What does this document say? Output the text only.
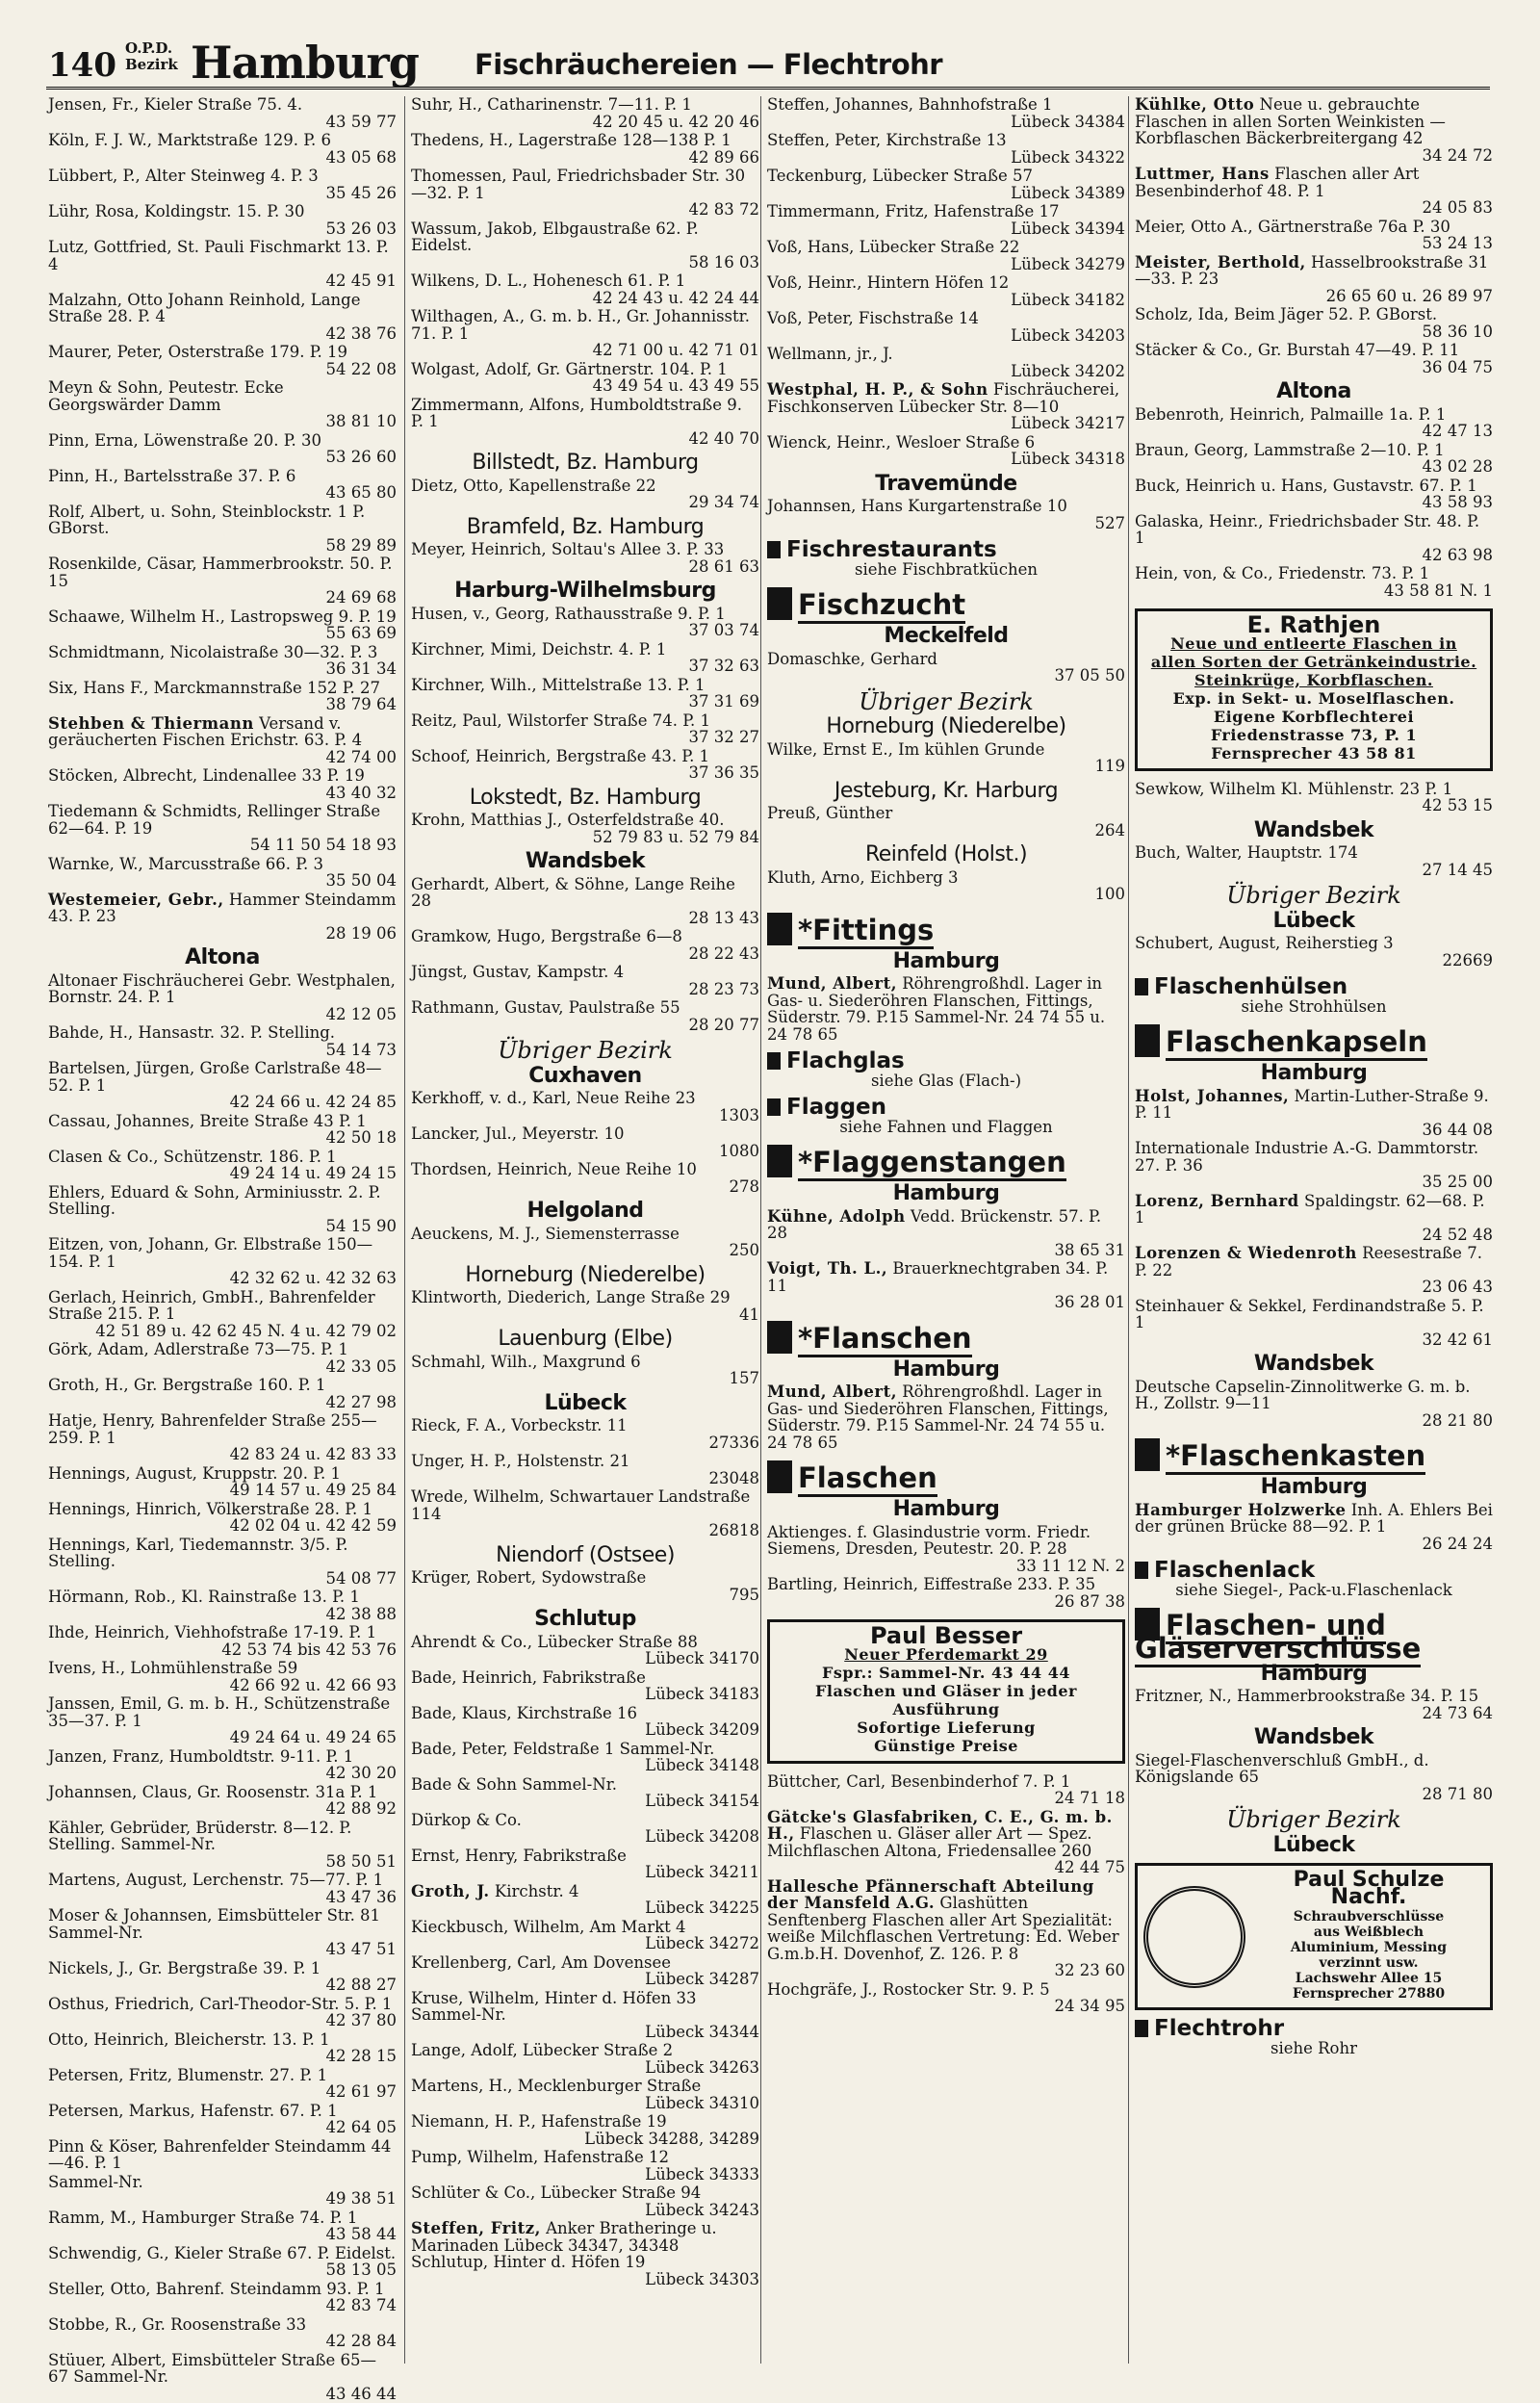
140 O.P.D.
Bezirk Hamburg Fischräuchereien — Flechtrohr
Jensen, Fr., Kieler Straße 75. 4.
43 59 77
Köln, F. J. W., Marktstraße 129. P. 6
43 05 68
Lübbert, P., Alter Steinweg 4. P. 3
35 45 26
Lühr, Rosa, Koldingstr. 15. P. 30
53 26 03
Lutz, Gottfried, St. Pauli Fischmarkt 13. P. 4
42 45 91
Malzahn, Otto Johann Reinhold, Lange Straße 28. P. 4
42 38 76
Maurer, Peter, Osterstraße 179. P. 19
54 22 08
Meyn & Sohn, Peutestr. Ecke Georgswärder Damm
38 81 10
Pinn, Erna, Löwenstraße 20. P. 30
53 26 60
Pinn, H., Bartelsstraße 37. P. 6
43 65 80
Rolf, Albert, u. Sohn, Steinblockstr. 1 P. GBorst.
58 29 89
Rosenkilde, Cäsar, Hammerbrookstr. 50. P. 15
24 69 68
Schaawe, Wilhelm H., Lastropsweg 9. P. 19
55 63 69
Schmidtmann, Nicolaistraße 30—32. P. 3
36 31 34
Six, Hans F., Marckmannstraße 152 P. 27
38 79 64
Stehben & Thiermann Versand v. geräucherten Fischen Erichstr. 63. P. 4
42 74 00
Stöcken, Albrecht, Lindenallee 33 P. 19
43 40 32
Tiedemann & Schmidts, Rellinger Straße 62—64. P. 19
54 11 50 54 18 93
Warnke, W., Marcusstraße 66. P. 3
35 50 04
Westemeier, Gebr., Hammer Steindamm 43. P. 23
28 19 06
Altona
Altonaer Fischräucherei Gebr. Westphalen, Bornstr. 24. P. 1
42 12 05
Bahde, H., Hansastr. 32. P. Stelling.
54 14 73
Bartelsen, Jürgen, Große Carlstraße 48—52. P. 1
42 24 66 u. 42 24 85
Cassau, Johannes, Breite Straße 43 P. 1
42 50 18
Clasen & Co., Schützenstr. 186. P. 1
49 24 14 u. 49 24 15
Ehlers, Eduard & Sohn, Arminiusstr. 2. P. Stelling.
54 15 90
Eitzen, von, Johann, Gr. Elbstraße 150—154. P. 1
42 32 62 u. 42 32 63
Gerlach, Heinrich, GmbH., Bahrenfelder Straße 215. P. 1
42 51 89 u. 42 62 45 N. 4 u. 42 79 02
Görk, Adam, Adlerstraße 73—75. P. 1
42 33 05
Groth, H., Gr. Bergstraße 160. P. 1
42 27 98
Hatje, Henry, Bahrenfelder Straße 255—259. P. 1
42 83 24 u. 42 83 33
Hennings, August, Kruppstr. 20. P. 1
49 14 57 u. 49 25 84
Hennings, Hinrich, Völkerstraße 28. P. 1
42 02 04 u. 42 42 59
Hennings, Karl, Tiedemannstr. 3/5. P. Stelling.
54 08 77
Hörmann, Rob., Kl. Rainstraße 13. P. 1
42 38 88
Ihde, Heinrich, Viehhofstraße 17-19. P. 1
42 53 74 bis 42 53 76
Ivens, H., Lohmühlenstraße 59
42 66 92 u. 42 66 93
Janssen, Emil, G. m. b. H., Schützenstraße 35—37. P. 1
49 24 64 u. 49 24 65
Janzen, Franz, Humboldtstr. 9-11. P. 1
42 30 20
Johannsen, Claus, Gr. Roosenstr. 31a P. 1
42 88 92
Kähler, Gebrüder, Brüderstr. 8—12. P. Stelling. Sammel-Nr.
58 50 51
Martens, August, Lerchenstr. 75—77. P. 1
43 47 36
Moser & Johannsen, Eimsbütteler Str. 81 Sammel-Nr.
43 47 51
Nickels, J., Gr. Bergstraße 39. P. 1
42 88 27
Osthus, Friedrich, Carl-Theodor-Str. 5. P. 1
42 37 80
Otto, Heinrich, Bleicherstr. 13. P. 1
42 28 15
Petersen, Fritz, Blumenstr. 27. P. 1
42 61 97
Petersen, Markus, Hafenstr. 67. P. 1
42 64 05
Pinn & Köser, Bahrenfelder Steindamm 44—46. P. 1
Sammel-Nr.
49 38 51
Ramm, M., Hamburger Straße 74. P. 1
43 58 44
Schwendig, G., Kieler Straße 67. P. Eidelst.
58 13 05
Steller, Otto, Bahrenf. Steindamm 93. P. 1
42 83 74
Stobbe, R., Gr. Roosenstraße 33
42 28 84
Stüuer, Albert, Eimsbütteler Straße 65—67 Sammel-Nr.
43 46 44
Suhr, H., Catharinenstr. 7—11. P. 1
42 20 45 u. 42 20 46
Thedens, H., Lagerstraße 128—138 P. 1
42 89 66
Thomessen, Paul, Friedrichsbader Str. 30—32. P. 1
42 83 72
Wassum, Jakob, Elbgaustraße 62. P. Eidelst.
58 16 03
Wilkens, D. L., Hohenesch 61. P. 1
42 24 43 u. 42 24 44
Wilthagen, A., G. m. b. H., Gr. Johannisstr. 71. P. 1
42 71 00 u. 42 71 01
Wolgast, Adolf, Gr. Gärtnerstr. 104. P. 1
43 49 54 u. 43 49 55
Zimmermann, Alfons, Humboldtstraße 9. P. 1
42 40 70
Billstedt, Bz. Hamburg
Dietz, Otto, Kapellenstraße 22
29 34 74
Bramfeld, Bz. Hamburg
Meyer, Heinrich, Soltau's Allee 3. P. 33
28 61 63
Harburg-Wilhelmsburg
Husen, v., Georg, Rathausstraße 9. P. 1
37 03 74
Kirchner, Mimi, Deichstr. 4. P. 1
37 32 63
Kirchner, Wilh., Mittelstraße 13. P. 1
37 31 69
Reitz, Paul, Wilstorfer Straße 74. P. 1
37 32 27
Schoof, Heinrich, Bergstraße 43. P. 1
37 36 35
Lokstedt, Bz. Hamburg
Krohn, Matthias J., Osterfeldstraße 40.
52 79 83 u. 52 79 84
Wandsbek
Gerhardt, Albert, & Söhne, Lange Reihe 28
28 13 43
Gramkow, Hugo, Bergstraße 6—8
28 22 43
Jüngst, Gustav, Kampstr. 4
28 23 73
Rathmann, Gustav, Paulstraße 55
28 20 77
Übriger Bezirk
Cuxhaven
Kerkhoff, v. d., Karl, Neue Reihe 23
1303
Lancker, Jul., Meyerstr. 10
1080
Thordsen, Heinrich, Neue Reihe 10
278
Helgoland
Aeuckens, M. J., Siemensterrasse
250
Horneburg (Niederelbe)
Klintworth, Diederich, Lange Straße 29
41
Lauenburg (Elbe)
Schmahl, Wilh., Maxgrund 6
157
Lübeck
Rieck, F. A., Vorbeckstr. 11
27336
Unger, H. P., Holstenstr. 21
23048
Wrede, Wilhelm, Schwartauer Landstraße 114
26818
Niendorf (Ostsee)
Krüger, Robert, Sydowstraße
795
Schlutup
Ahrendt & Co., Lübecker Straße 88
Lübeck 34170
Bade, Heinrich, Fabrikstraße
Lübeck 34183
Bade, Klaus, Kirchstraße 16
Lübeck 34209
Bade, Peter, Feldstraße 1 Sammel-Nr.
Lübeck 34148
Bade & Sohn Sammel-Nr.
Lübeck 34154
Dürkop & Co.
Lübeck 34208
Ernst, Henry, Fabrikstraße
Lübeck 34211
Groth, J. Kirchstr. 4
Lübeck 34225
Kieckbusch, Wilhelm, Am Markt 4
Lübeck 34272
Krellenberg, Carl, Am Dovensee
Lübeck 34287
Kruse, Wilhelm, Hinter d. Höfen 33 Sammel-Nr.
Lübeck 34344
Lange, Adolf, Lübecker Straße 2
Lübeck 34263
Martens, H., Mecklenburger Straße
Lübeck 34310
Niemann, H. P., Hafenstraße 19
Lübeck 34288, 34289
Pump, Wilhelm, Hafenstraße 12
Lübeck 34333
Schlüter & Co., Lübecker Straße 94
Lübeck 34243
Steffen, Fritz, Anker Bratheringe u. Marinaden Lübeck 34347, 34348 Schlutup, Hinter d. Höfen 19
Lübeck 34303
Steffen, Johannes, Bahnhofstraße 1
Lübeck 34384
Steffen, Peter, Kirchstraße 13
Lübeck 34322
Teckenburg, Lübecker Straße 57
Lübeck 34389
Timmermann, Fritz, Hafenstraße 17
Lübeck 34394
Voß, Hans, Lübecker Straße 22
Lübeck 34279
Voß, Heinr., Hintern Höfen 12
Lübeck 34182
Voß, Peter, Fischstraße 14
Lübeck 34203
Wellmann, jr., J.
Lübeck 34202
Westphal, H. P., & Sohn Fischräucherei, Fischkonserven Lübecker Str. 8—10
Lübeck 34217
Wienck, Heinr., Wesloer Straße 6
Lübeck 34318
Travemünde
Johannsen, Hans Kurgartenstraße 10
527
Fischrestaurants
siehe Fischbratküchen
Fischzucht
Meckelfeld
Domaschke, Gerhard
37 05 50
Übriger Bezirk
Horneburg (Niederelbe)
Wilke, Ernst E., Im kühlen Grunde
119
Jesteburg, Kr. Harburg
Preuß, Günther
264
Reinfeld (Holst.)
Kluth, Arno, Eichberg 3
100
*Fittings
Hamburg
Mund, Albert, Röhrengroßhdl. Lager in Gas- u. Siederöhren Flanschen, Fittings, Süderstr. 79. P.15 Sammel-Nr. 24 74 55 u. 24 78 65
Flachglas
siehe Glas (Flach-)
Flaggen
siehe Fahnen und Flaggen
*Flaggenstangen
Hamburg
Kühne, Adolph Vedd. Brückenstr. 57. P. 28
38 65 31
Voigt, Th. L., Brauerknechtgraben 34. P. 11
36 28 01
*Flanschen
Hamburg
Mund, Albert, Röhrengroßhdl. Lager in Gas- und Siederöhren Flanschen, Fittings, Süderstr. 79. P.15 Sammel-Nr. 24 74 55 u. 24 78 65
Flaschen
Hamburg
Aktienges. f. Glasindustrie vorm. Friedr. Siemens, Dresden, Peutestr. 20. P. 28
33 11 12 N. 2
Bartling, Heinrich, Eiffestraße 233. P. 35
26 87 38
Paul Besser
Neuer Pferdemarkt 29
Fspr.: Sammel-Nr. 43 44 44
Flaschen und Gläser in jeder Ausführung
Sofortige Lieferung
Günstige Preise
Büttcher, Carl, Besenbinderhof 7. P. 1
24 71 18
Gätcke's Glasfabriken, C. E., G. m. b. H., Flaschen u. Gläser aller Art — Spez. Milchflaschen Altona, Friedensallee 260
42 44 75
Hallesche Pfännerschaft Abteilung der Mansfeld A.G. Glashütten Senftenberg Flaschen aller Art Spezialität: weiße Milchflaschen Vertretung: Ed. Weber G.m.b.H. Dovenhof, Z. 126. P. 8
32 23 60
Hochgräfe, J., Rostocker Str. 9. P. 5
24 34 95
Kühlke, Otto Neue u. gebrauchte Flaschen in allen Sorten Weinkisten — Korbflaschen Bäckerbreitergang 42
34 24 72
Luttmer, Hans Flaschen aller Art Besenbinderhof 48. P. 1
24 05 83
Meier, Otto A., Gärtnerstraße 76a P. 30
53 24 13
Meister, Berthold, Hasselbrookstraße 31—33. P. 23
26 65 60 u. 26 89 97
Scholz, Ida, Beim Jäger 52. P. GBorst.
58 36 10
Stäcker & Co., Gr. Burstah 47—49. P. 11
36 04 75
Altona
Bebenroth, Heinrich, Palmaille 1a. P. 1
42 47 13
Braun, Georg, Lammstraße 2—10. P. 1
43 02 28
Buck, Heinrich u. Hans, Gustavstr. 67. P. 1
43 58 93
Galaska, Heinr., Friedrichsbader Str. 48. P. 1
42 63 98
Hein, von, & Co., Friedenstr. 73. P. 1
43 58 81 N. 1
E. Rathjen
Neue und entleerte Flaschen in allen Sorten der Getränkeindustrie. Steinkrüge, Korbflaschen.
Exp. in Sekt- u. Moselflaschen.
Eigene Korbflechterei
Friedenstrasse 73, P. 1
Fernsprecher 43 58 81
Sewkow, Wilhelm Kl. Mühlenstr. 23 P. 1
42 53 15
Wandsbek
Buch, Walter, Hauptstr. 174
27 14 45
Übriger Bezirk
Lübeck
Schubert, August, Reiherstieg 3
22669
Flaschenhülsen
siehe Strohhülsen
Flaschenkapseln
Hamburg
Holst, Johannes, Martin-Luther-Straße 9. P. 11
36 44 08
Internationale Industrie A.-G. Dammtorstr. 27. P. 36
35 25 00
Lorenz, Bernhard Spaldingstr. 62—68. P. 1
24 52 48
Lorenzen & Wiedenroth Reesestraße 7. P. 22
23 06 43
Steinhauer & Sekkel, Ferdinandstraße 5. P. 1
32 42 61
Wandsbek
Deutsche Capselin-Zinnolitwerke G. m. b. H., Zollstr. 9—11
28 21 80
*Flaschenkasten
Hamburg
Hamburger Holzwerke Inh. A. Ehlers Bei der grünen Brücke 88—92. P. 1
26 24 24
Flaschenlack
siehe Siegel-, Pack-u.Flaschenlack
Flaschen- und Gläserverschlüsse
Hamburg
Fritzner, N., Hammerbrookstraße 34. P. 15
24 73 64
Wandsbek
Siegel-Flaschenverschluß GmbH., d. Königslande 65
28 71 80
Übriger Bezirk
Lübeck
Paul Schulze Nachf.
Schraubverschlüsse
aus Weißblech
Aluminium, Messing
verzinnt usw.
Lachswehr Allee 15
Fernsprecher 27880
Flechtrohr
siehe Rohr
